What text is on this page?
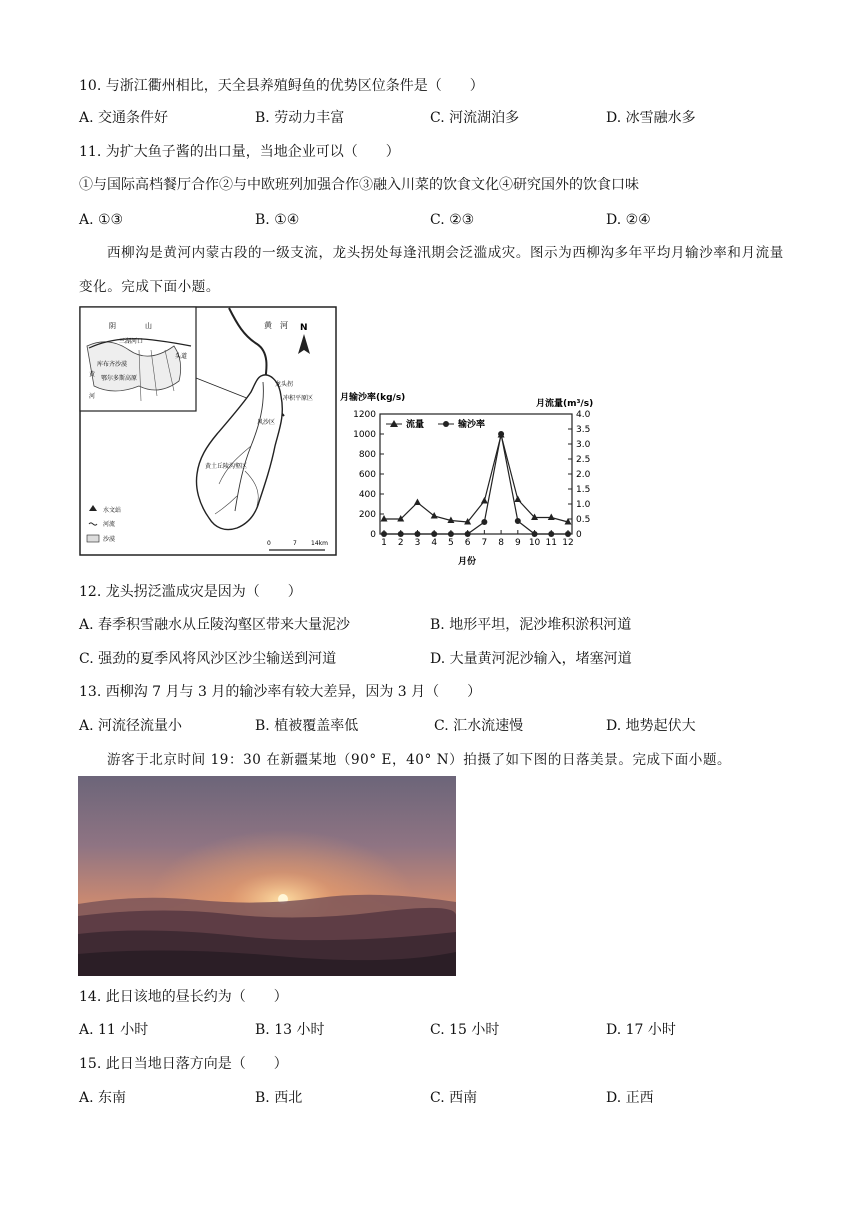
10. 与浙江衢州相比，天全县养殖鲟鱼的优势区位条件是（　　）
A. 交通条件好	B. 劳动力丰富	C. 河流湖泊多	D. 冰雪融水多
11. 为扩大鱼子酱的出口量，当地企业可以（　　）
①与国际高档餐厅合作②与中欧班列加强合作③融入川菜的饮食文化④研究国外的饮食口味
A. ①③	B. ①④	C. ②③	D. ②④
西柳沟是黄河内蒙古段的一级支流，龙头拐处每逢汛期会泛滥成灾。图示为西柳沟多年平均月输沙率和月流量变化。完成下面小题。
阴	山
三湖河口
头道
库布齐沙漠
鄂尔多斯高原
黄
河
黄　河 N
龙头拐
冲积平原区
风沙区
黄土丘陵沟壑区
水文站
河流
沙漠
0	7 14km
月输沙率(kg/s)
月流量(m³/s)
月份
0
200
400
600
800
1000
1200
0
0.5
1.0
1.5
2.0
2.5
3.0
3.5
4.0
1 2 3 4 5 6 7 8 9 10 11 12
流量	输沙率
12. 龙头拐泛滥成灾是因为（　　）
A. 春季积雪融水从丘陵沟壑区带来大量泥沙	B. 地形平坦，泥沙堆积淤积河道
C. 强劲的夏季风将风沙区沙尘输送到河道	D. 大量黄河泥沙输入，堵塞河道
13. 西柳沟 7 月与 3 月的输沙率有较大差异，因为 3 月（　　）
A. 河流径流量小	B. 植被覆盖率低	C. 汇水流速慢	D. 地势起伏大
游客于北京时间 19：30 在新疆某地（90° E，40° N）拍摄了如下图的日落美景。完成下面小题。
14. 此日该地的昼长约为（　　）
A. 11 小时	B. 13 小时	C. 15 小时	D. 17 小时
15. 此日当地日落方向是（　　）
A. 东南	B. 西北	C. 西南	D. 正西
